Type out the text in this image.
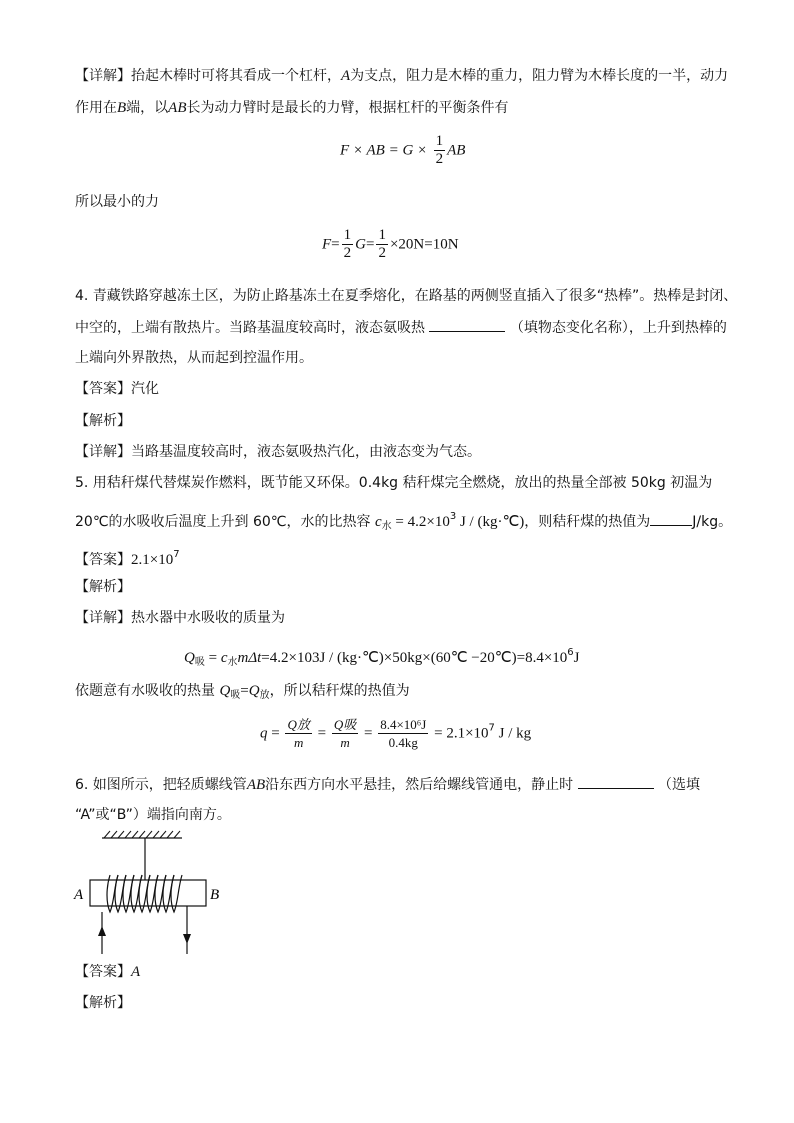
【详解】抬起木棒时可将其看成一个杠杆，A为支点，阻力是木棒的重力，阻力臂为木棒长度的一半，动力
作用在B端，以AB长为动力臂时是最长的力臂，根据杠杆的平衡条件有
F × AB = $G \times \frac{1}{2}$ AB
所以最小的力
$F= \frac{1}{2} G= \frac{1}{2} \times 20N=10N$
4. 青藏铁路穿越冻土区，为防止路基冻土在夏季熔化，在路基的两侧竖直插入了很多“热棒”。热棒是封闭、
中空的，上端有散热片。当路基温度较高时，液态氨吸热	（填物态变化名称），上升到热棒的
上端向外界散热，从而起到控温作用。
【答案】汽化
【解析】
【详解】当路基温度较高时，液态氨吸热汽化，由液态变为气态。
5. 用秸秆煤代替煤炭作燃料，既节能又环保。0.4kg 秸秆煤完全燃烧，放出的热量全部被 50kg 初温为
20℃的水吸收后温度上升到 60℃，水的比热容 $c_水 = 4.2\times 10^3$ J / (kg·℃)，则秸秆煤的热值为	J/kg。
【答案】$2.1\times 10^7$
【解析】
【详解】热水器中水吸收的质量为
$Q_吸 = c_水m\Delta t=4.2\times 103J$ / (kg·℃)×50kg×(60℃ $-20℃)=8.4\times 10^6J$
依题意有水吸收的热量 $Q_吸=Q_放$，所以秸秆煤的热值为
$q = \frac{\text{Q放}}{m} = \frac{\text{Q吸}}{m} = \frac{\text{8.4×10⁶J}}{0.4kg} = 2.1\times 10^7$ J / kg
6. 如图所示，把轻质螺线管AB沿东西方向水平悬挂，然后给螺线管通电，静止时	（选填
“A”或“B”）端指向南方。
A	B
【答案】A
【解析】
